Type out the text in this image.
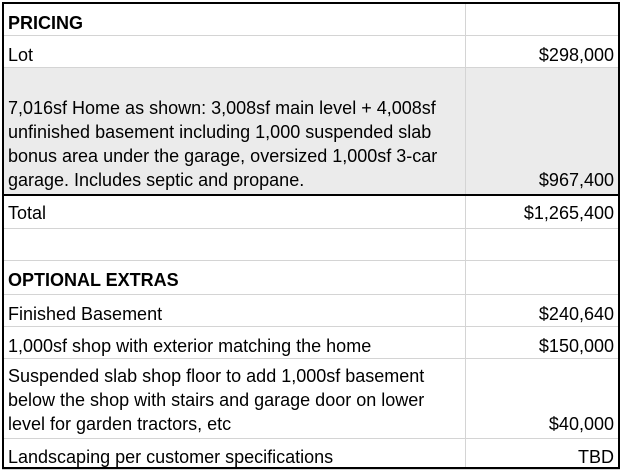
PRICING	
Lot	$298,000
7,016sf Home as shown: 3,008sf main level + 4,008sf unfinished basement including 1,000 suspended slab bonus area under the garage, oversized 1,000sf 3-car garage. Includes septic and propane.	$967,400
Total	$1,265,400

OPTIONAL EXTRAS	
Finished Basement	$240,640
1,000sf shop with exterior matching the home	$150,000
Suspended slab shop floor to add 1,000sf basement below the shop with stairs and garage door on lower level for garden tractors, etc	$40,000
Landscaping per customer specifications	TBD
